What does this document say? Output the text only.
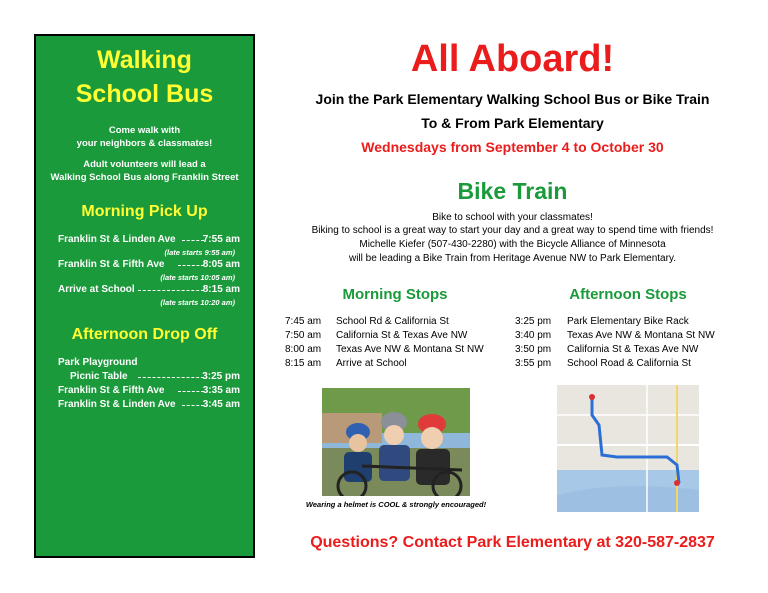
Walking
School Bus
Come walk with
your neighbors & classmates!
Adult volunteers will lead a
Walking School Bus along Franklin Street
Morning Pick Up
Franklin St & Linden Ave	7:55 am
(late starts 9:55 am)
Franklin St & Fifth Ave	8:05 am
(late starts 10:05 am)
Arrive at School	8:15 am
(late starts 10:20 am)
Afternoon Drop Off
Park Playground
Picnic Table	3:25 pm
Franklin St & Fifth Ave	3:35 am
Franklin St & Linden Ave	3:45 am
All Aboard!
Join the Park Elementary Walking School Bus or Bike Train
To & From Park Elementary
Wednesdays from September 4 to October 30
Bike Train
Bike to school with your classmates!
Biking to school is a great way to start your day and a great way to spend time with friends!
Michelle Kiefer (507-430-2280) with the Bicycle Alliance of Minnesota
will be leading a Bike Train from Heritage Avenue NW to Park Elementary.
Morning Stops
7:45 am School Rd & California St
7:50 am California St & Texas Ave NW
8:00 am Texas Ave NW & Montana St NW
8:15 am Arrive at School
Afternoon Stops
3:25 pm Park Elementary Bike Rack
3:40 pm Texas Ave NW & Montana St NW
3:50 pm California St & Texas Ave NW
3:55 pm School Road & California St
Wearing a helmet is COOL & strongly encouraged!
Questions? Contact Park Elementary at 320-587-2837
